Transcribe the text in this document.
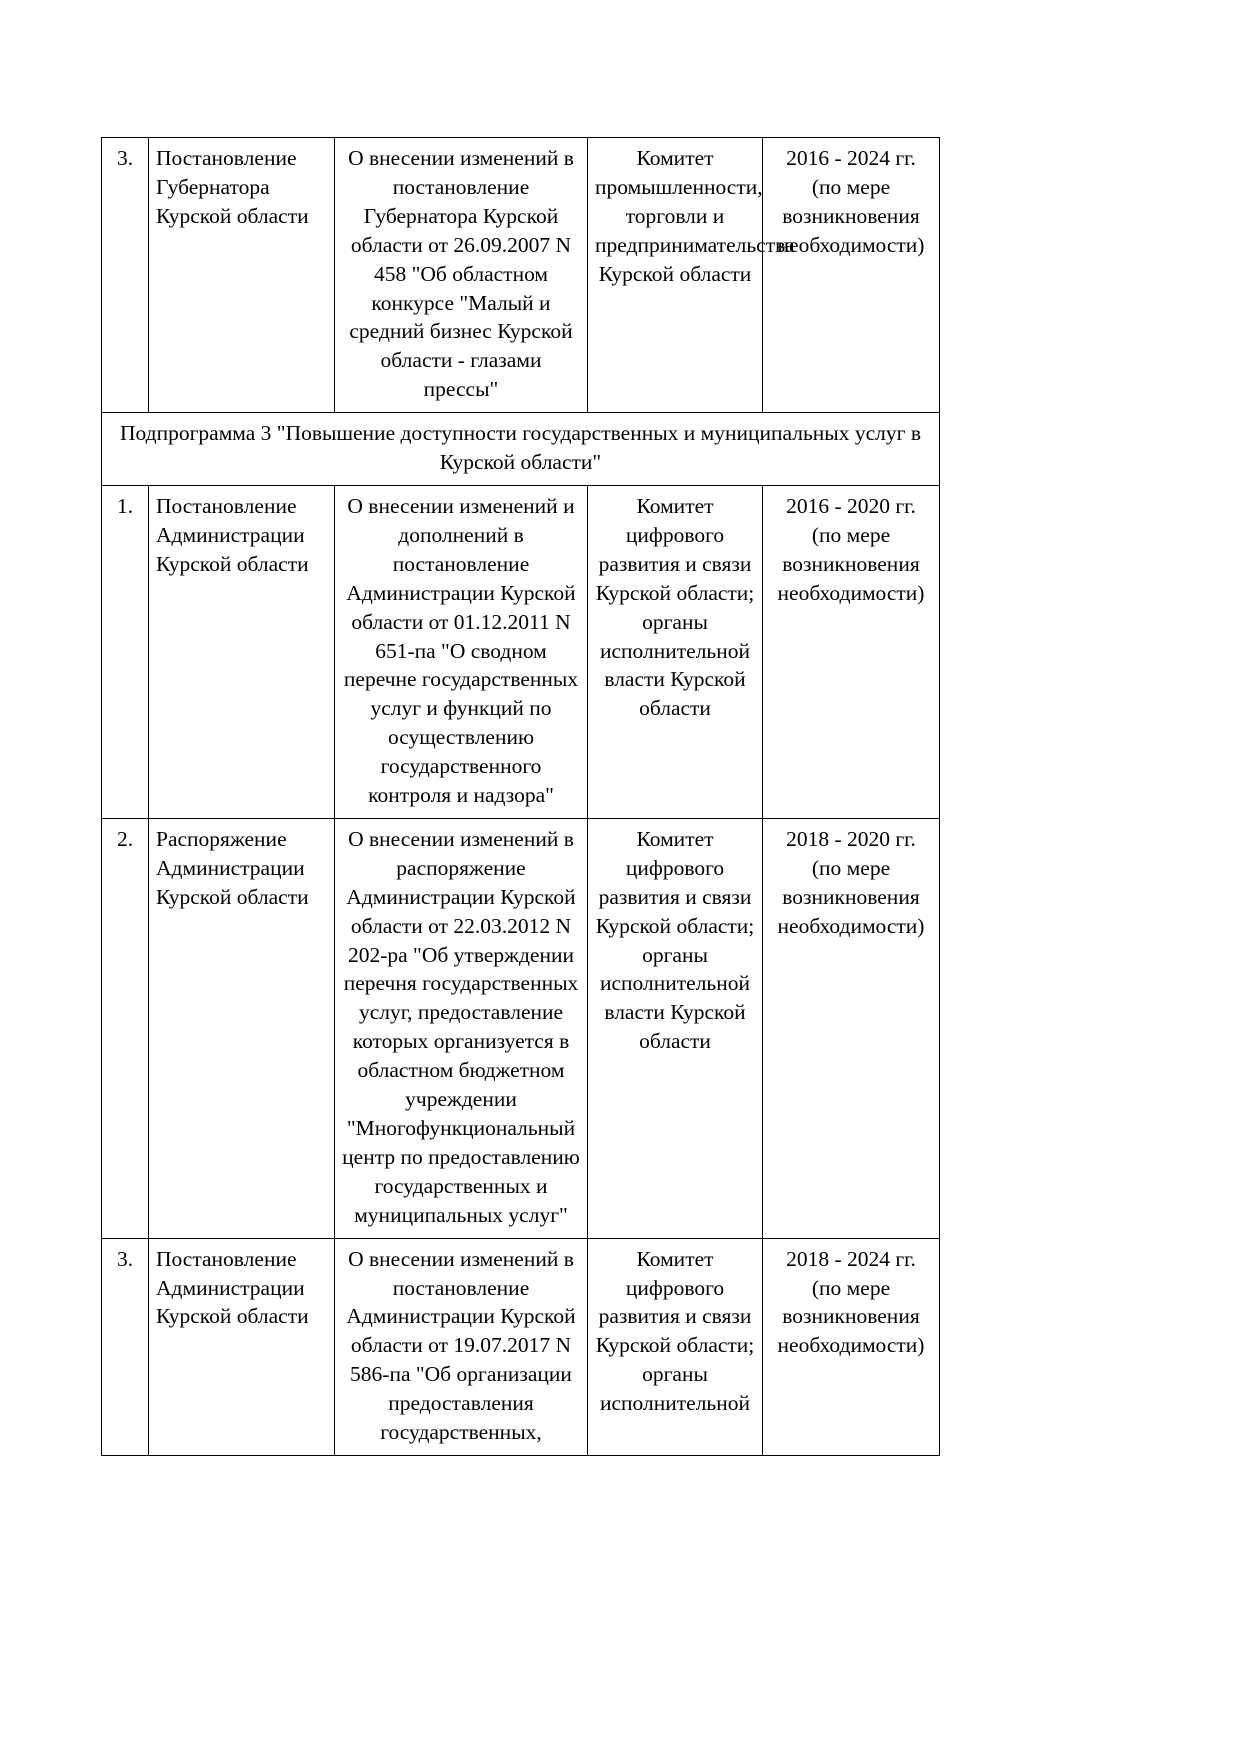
3.	Постановление Губернатора Курской области	О внесении изменений в постановление Губернатора Курской области от 26.09.2007 N 458 "Об областном конкурсе "Малый и средний бизнес Курской области - глазами прессы"	Комитет промышленности, торговли и предпринимательства Курской области	2016 - 2024 гг. (по мере возникновения необходимости)

Подпрограмма 3 "Повышение доступности государственных и муниципальных услуг в Курской области"				

1.	Постановление Администрации Курской области	О внесении изменений и дополнений в постановление Администрации Курской области от 01.12.2011 N 651-па "О сводном перечне государственных услуг и функций по осуществлению государственного контроля и надзора"	Комитет цифрового развития и связи Курской области; органы исполнительной власти Курской области	2016 - 2020 гг. (по мере возникновения необходимости)

2.	Распоряжение Администрации Курской области	О внесении изменений в распоряжение Администрации Курской области от 22.03.2012 N 202-ра "Об утверждении перечня государственных услуг, предоставление которых организуется в областном бюджетном учреждении "Многофункциональный центр по предоставлению государственных и муниципальных услуг"	Комитет цифрового развития и связи Курской области; органы исполнительной власти Курской области	2018 - 2020 гг. (по мере возникновения необходимости)

3.	Постановление Администрации Курской области	О внесении изменений в постановление Администрации Курской области от 19.07.2017 N 586-па "Об организации предоставления государственных,	Комитет цифрового развития и связи Курской области; органы исполнительной	2018 - 2024 гг. (по мере возникновения необходимости)
